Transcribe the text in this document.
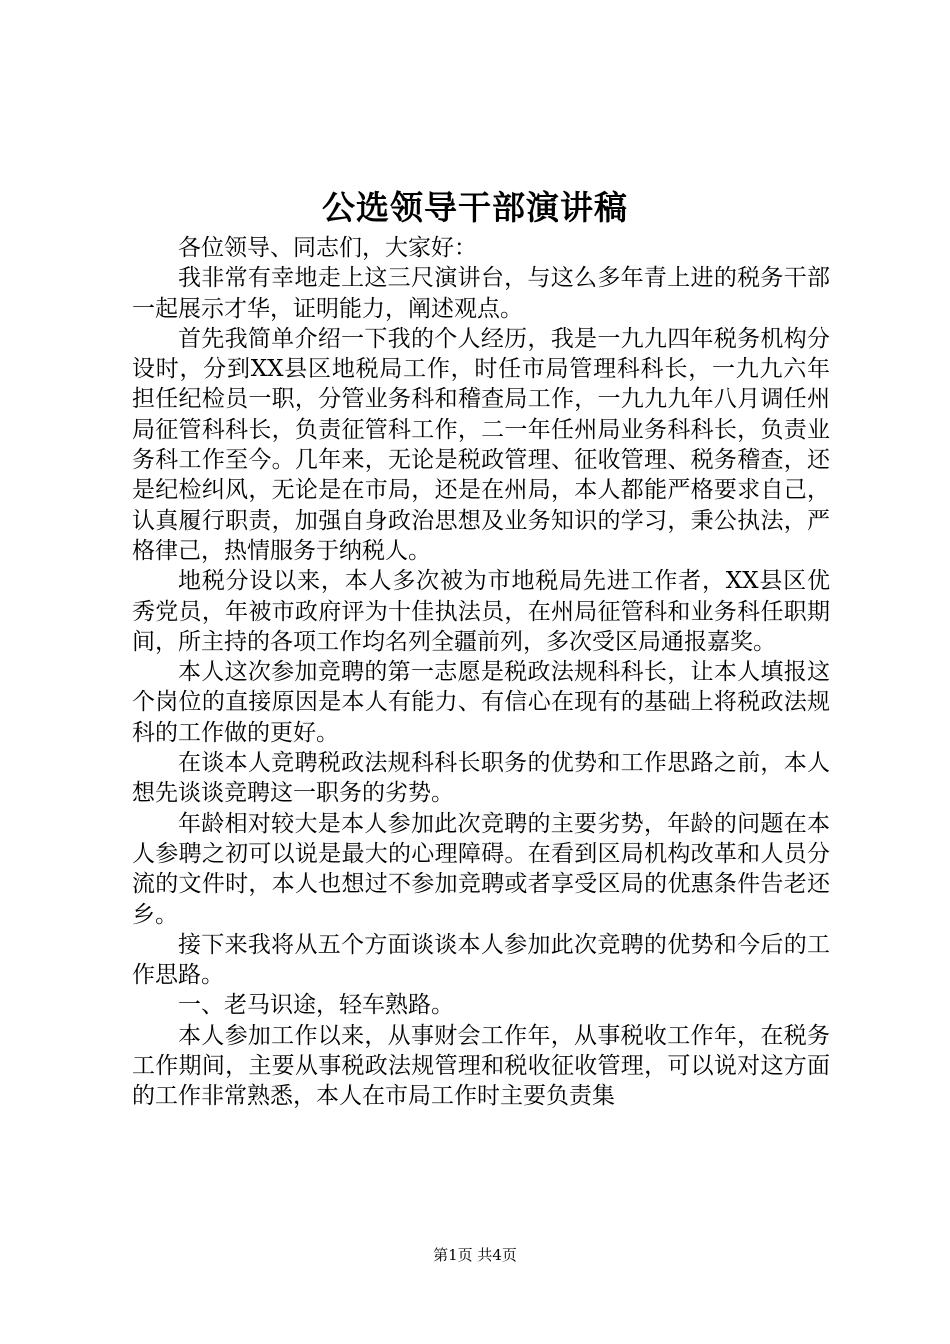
公选领导干部演讲稿

各位领导、同志们，大家好：

我非常有幸地走上这三尺演讲台，与这么多年青上进的税务干部一起展示才华，证明能力，阐述观点。

首先我简单介绍一下我的个人经历，我是一九九四年税务机构分设时，分到XX县区地税局工作，时任市局管理科科长，一九九六年担任纪检员一职，分管业务科和稽查局工作，一九九九年八月调任州局征管科科长，负责征管科工作，二一年任州局业务科科长，负责业务科工作至今。几年来，无论是税政管理、征收管理、税务稽查，还是纪检纠风，无论是在市局，还是在州局，本人都能严格要求自己，认真履行职责，加强自身政治思想及业务知识的学习，秉公执法，严格律己，热情服务于纳税人。

地税分设以来，本人多次被为市地税局先进工作者，XX县区优秀党员，年被市政府评为十佳执法员，在州局征管科和业务科任职期间，所主持的各项工作均名列全疆前列，多次受区局通报嘉奖。

本人这次参加竞聘的第一志愿是税政法规科科长，让本人填报这个岗位的直接原因是本人有能力、有信心在现有的基础上将税政法规科的工作做的更好。

在谈本人竞聘税政法规科科长职务的优势和工作思路之前，本人想先谈谈竞聘这一职务的劣势。

年龄相对较大是本人参加此次竞聘的主要劣势，年龄的问题在本人参聘之初可以说是最大的心理障碍。在看到区局机构改革和人员分流的文件时，本人也想过不参加竞聘或者享受区局的优惠条件告老还乡。

接下来我将从五个方面谈谈本人参加此次竞聘的优势和今后的工作思路。

一、老马识途，轻车熟路。

本人参加工作以来，从事财会工作年，从事税收工作年，在税务工作期间，主要从事税政法规管理和税收征收管理，可以说对这方面的工作非常熟悉，本人在市局工作时主要负责集

第1页 共4页
